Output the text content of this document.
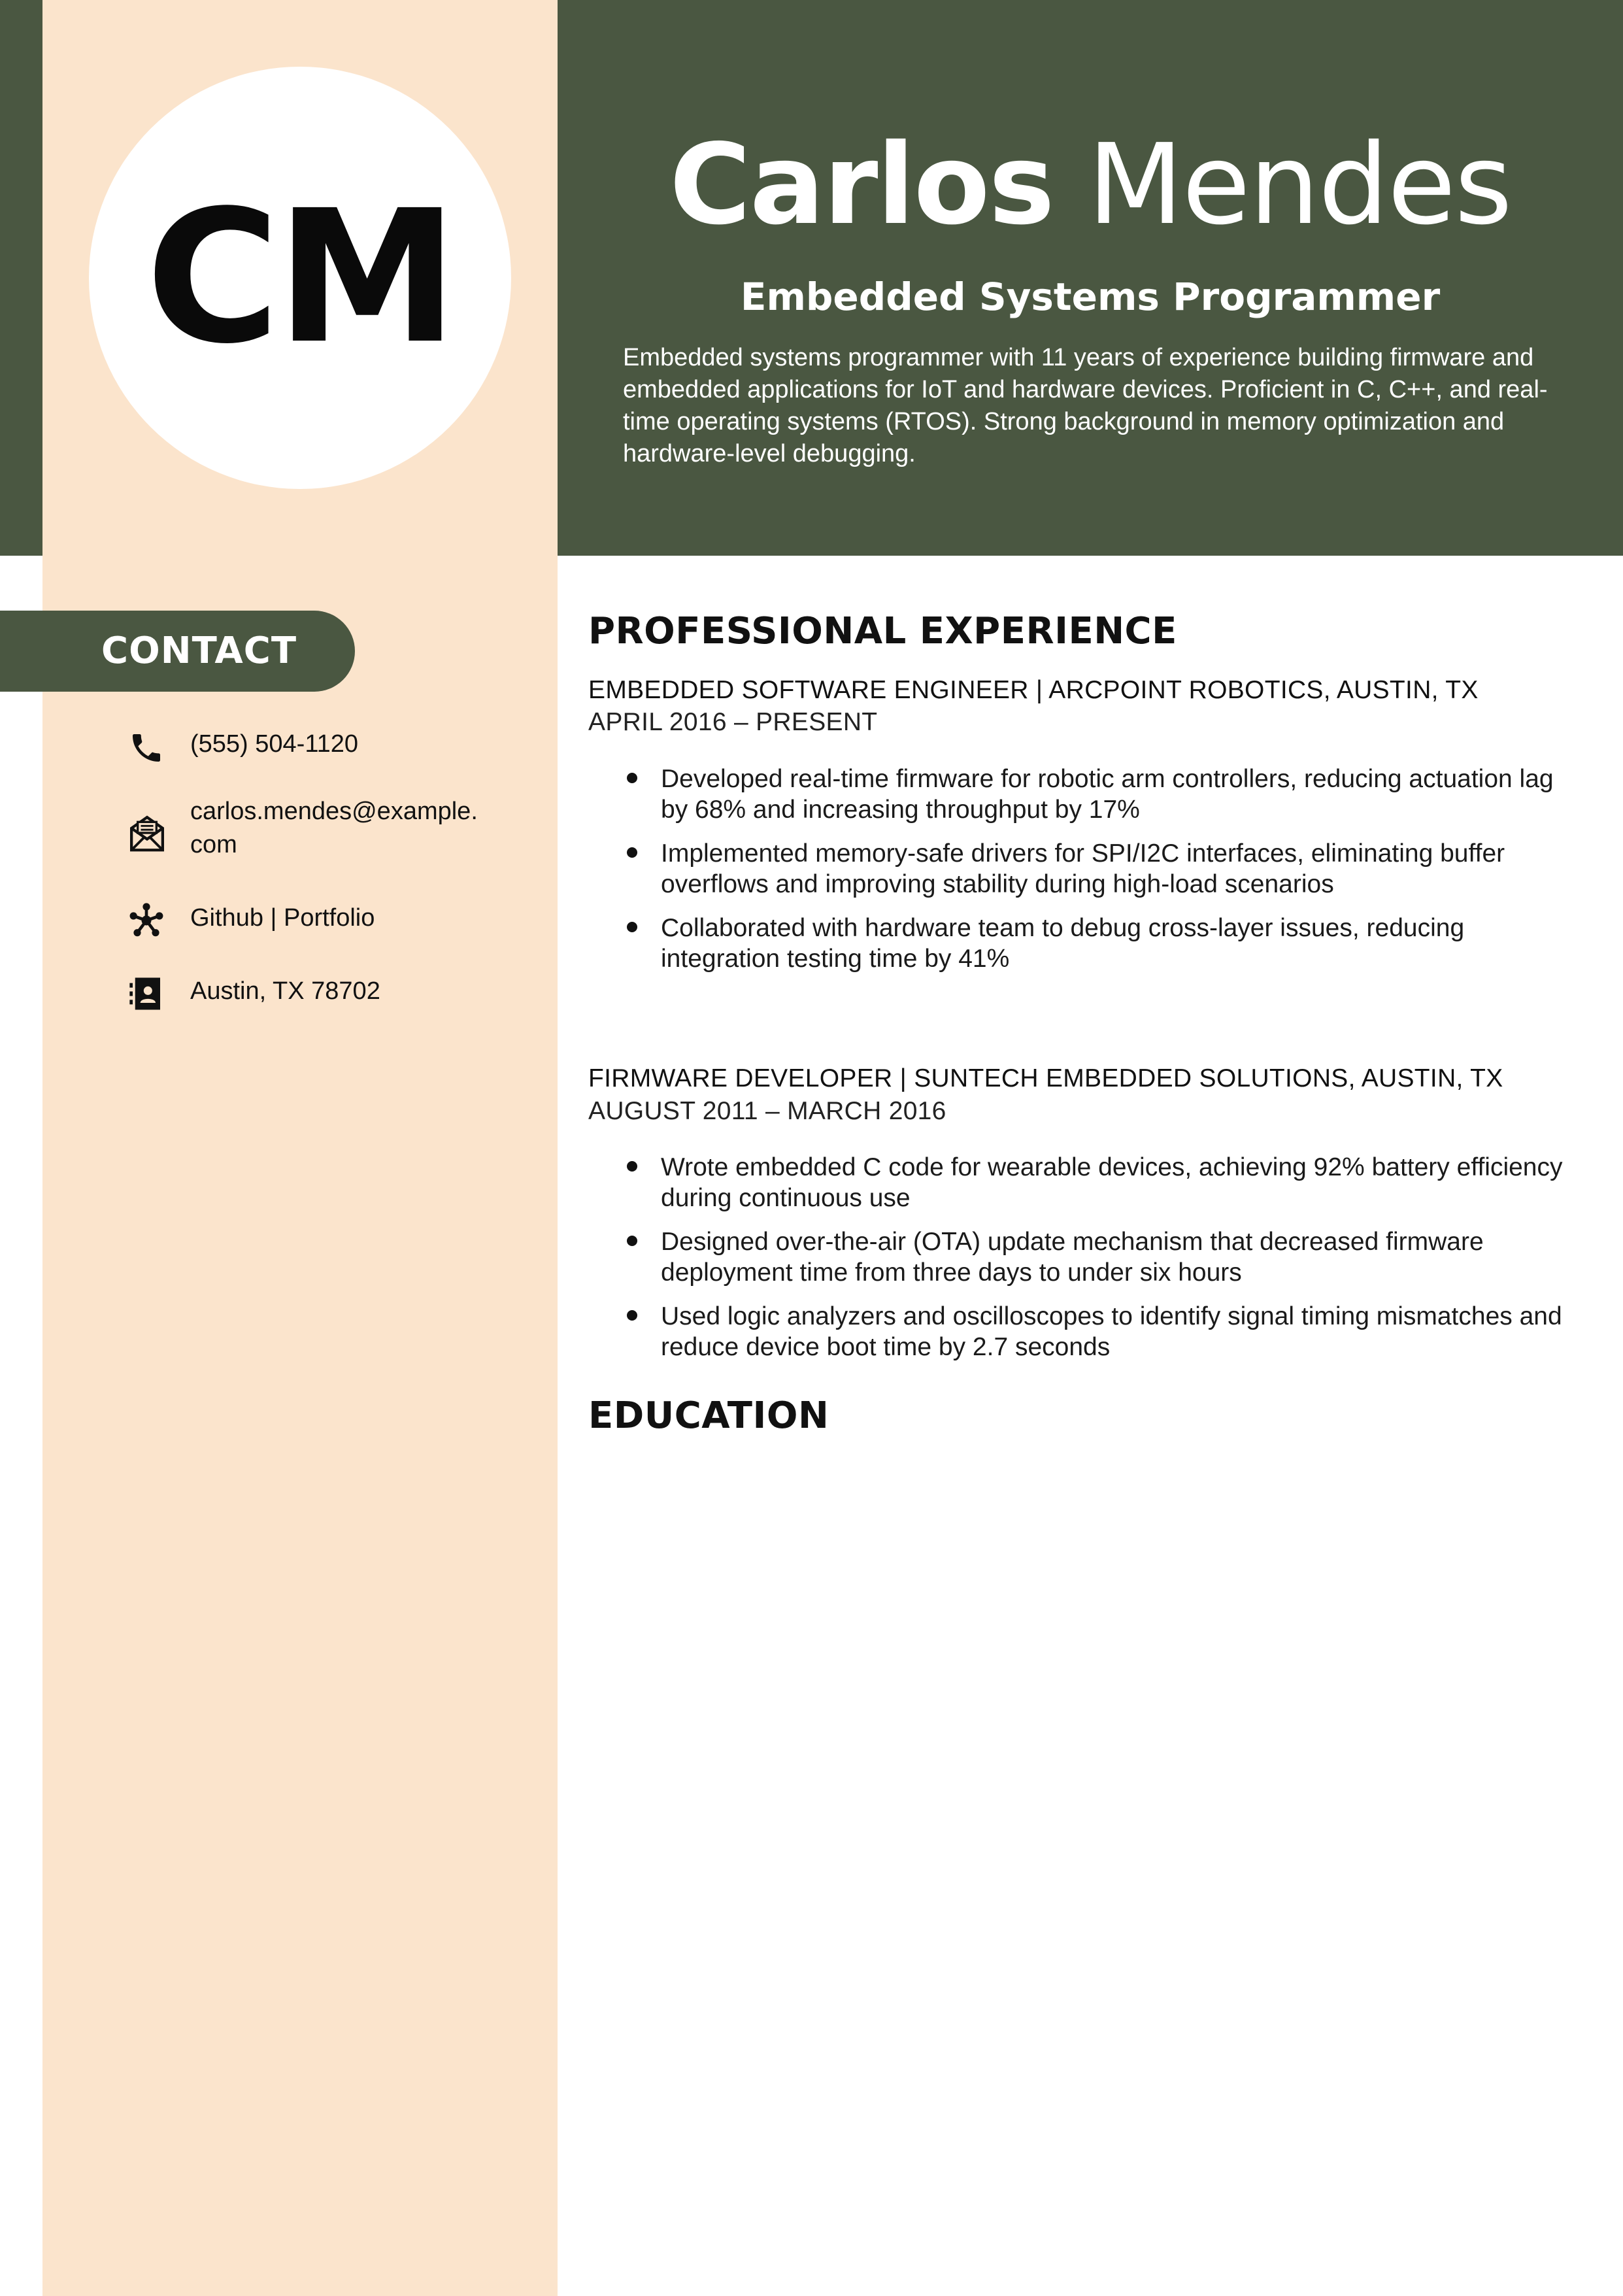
CM	Carlos Mendes
Embedded Systems Programmer
Embedded systems programmer with 11 years of experience building firmware and embedded applications for IoT and hardware devices. Proficient in C, C++, and real-time operating systems (RTOS). Strong background in memory optimization and hardware-level debugging.
CONTACT
(555) 504-1120
carlos.mendes@example.
com
Github | Portfolio
Austin, TX 78702
PROFESSIONAL EXPERIENCE
EMBEDDED SOFTWARE ENGINEER | ARCPOINT ROBOTICS, AUSTIN, TX
APRIL 2016 – PRESENT
Developed real-time firmware for robotic arm controllers, reducing actuation lag by 68% and increasing throughput by 17%
Implemented memory-safe drivers for SPI/I2C interfaces, eliminating buffer overflows and improving stability during high-load scenarios
Collaborated with hardware team to debug cross-layer issues, reducing integration testing time by 41%
FIRMWARE DEVELOPER | SUNTECH EMBEDDED SOLUTIONS, AUSTIN, TX
AUGUST 2011 – MARCH 2016
Wrote embedded C code for wearable devices, achieving 92% battery efficiency during continuous use
Designed over-the-air (OTA) update mechanism that decreased firmware deployment time from three days to under six hours
Used logic analyzers and oscilloscopes to identify signal timing mismatches and reduce device boot time by 2.7 seconds
EDUCATION
